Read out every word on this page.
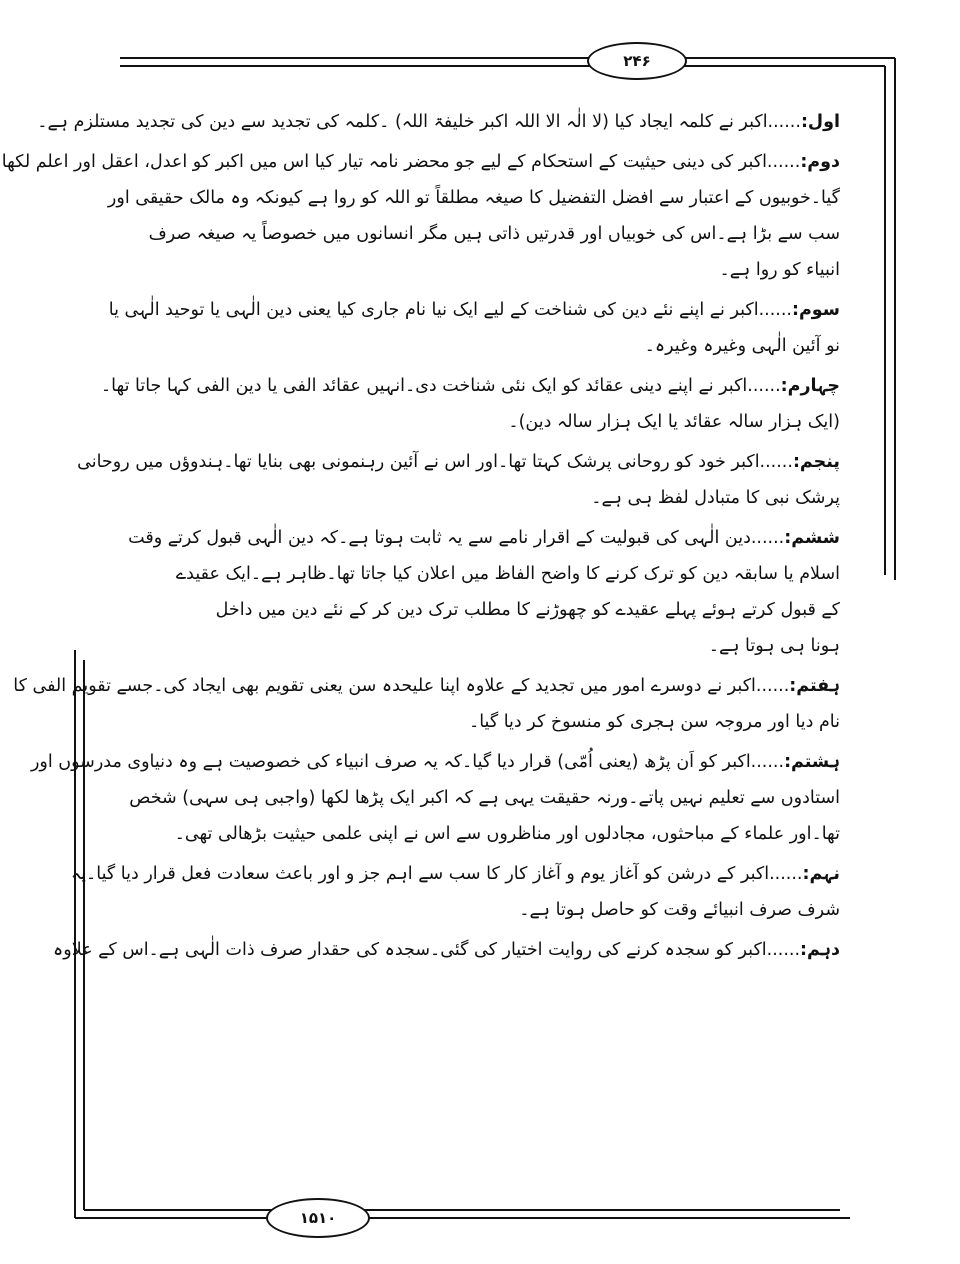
۲۴۶
۱۵۱۰
اول:......اکبر نے کلمہ ایجاد کیا (لا الٰہ الا اللہ اکبر خلیفۃ اللہ) ۔کلمہ کی تجدید سے دین کی تجدید مستلزم ہے۔
دوم:......اکبر کی دینی حیثیت کے استحکام کے لیے جو محضر نامہ تیار کیا اس میں اکبر کو اعدل، اعقل اور اعلم لکھا
گیا۔خوبیوں کے اعتبار سے افضل التفضیل کا صیغہ مطلقاً تو اللہ کو روا ہے کیونکہ وہ مالک حقیقی اور
سب سے بڑا ہے۔اس کی خوبیاں اور قدرتیں ذاتی ہیں مگر انسانوں میں خصوصاً یہ صیغہ صرف
انبیاء کو روا ہے۔
سوم:......اکبر نے اپنے نئے دین کی شناخت کے لیے ایک نیا نام جاری کیا یعنی دین الٰہی یا توحید الٰہی یا
نو آئین الٰہی وغیرہ وغیرہ۔
چہارم:......اکبر نے اپنے دینی عقائد کو ایک نئی شناخت دی۔انہیں عقائد الفی یا دین الفی کہا جاتا تھا۔
(ایک ہزار سالہ عقائد یا ایک ہزار سالہ دین)۔
پنجم:......اکبر خود کو روحانی پرشک کہتا تھا۔اور اس نے آئین رہنمونی بھی بنایا تھا۔ہندوؤں میں روحانی
پرشک نبی کا متبادل لفظ ہی ہے۔
ششم:......دین الٰہی کی قبولیت کے اقرار نامے سے یہ ثابت ہوتا ہے۔کہ دین الٰہی قبول کرتے وقت
اسلام یا سابقہ دین کو ترک کرنے کا واضح الفاظ میں اعلان کیا جاتا تھا۔ظاہر ہے۔ایک عقیدے
کے قبول کرتے ہوئے پہلے عقیدے کو چھوڑنے کا مطلب ترک دین کر کے نئے دین میں داخل
ہونا ہی ہوتا ہے۔
ہفتم:......اکبر نے دوسرے امور میں تجدید کے علاوہ اپنا علیحدہ سن یعنی تقویم بھی ایجاد کی۔جسے تقویم الفی کا
نام دیا اور مروجہ سن ہجری کو منسوخ کر دیا گیا۔
ہشتم:......اکبر کو اَن پڑھ (یعنی اُمّی) قرار دیا گیا۔کہ یہ صرف انبیاء کی خصوصیت ہے وہ دنیاوی مدرسوں اور
استادوں سے تعلیم نہیں پاتے۔ورنہ حقیقت یہی ہے کہ اکبر ایک پڑھا لکھا (واجبی ہی سہی) شخص
تھا۔اور علماء کے مباحثوں، مجادلوں اور مناظروں سے اس نے اپنی علمی حیثیت بڑھالی تھی۔
نہم:......اکبر کے درشن کو آغاز یوم و آغاز کار کا سب سے اہم جز و اور باعث سعادت فعل قرار دیا گیا۔یہ
شرف صرف انبیائے وقت کو حاصل ہوتا ہے۔
دہم:......اکبر کو سجدہ کرنے کی روایت اختیار کی گئی۔سجدہ کی حقدار صرف ذات الٰہی ہے۔اس کے علاوہ
